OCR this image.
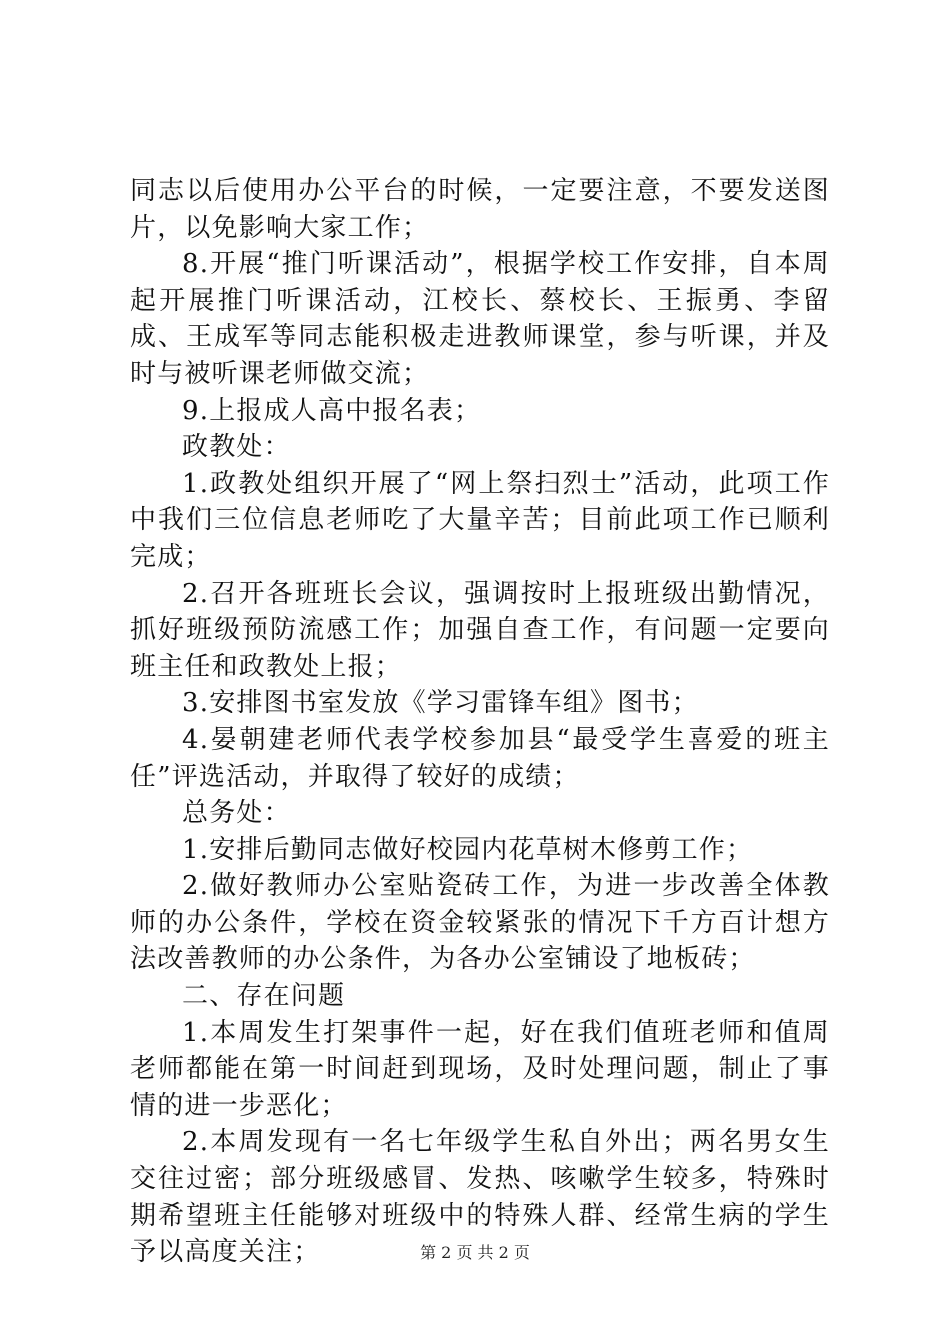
同志以后使用办公平台的时候，一定要注意，不要发送图片，以免影响大家工作；

8.开展“推门听课活动”，根据学校工作安排，自本周起开展推门听课活动，江校长、蔡校长、王振勇、李留成、王成军等同志能积极走进教师课堂，参与听课，并及时与被听课老师做交流；

9.上报成人高中报名表；

政教处：

1.政教处组织开展了“网上祭扫烈士”活动，此项工作中我们三位信息老师吃了大量辛苦；目前此项工作已顺利完成；

2.召开各班班长会议，强调按时上报班级出勤情况，抓好班级预防流感工作；加强自查工作，有问题一定要向班主任和政教处上报；

3.安排图书室发放《学习雷锋车组》图书；

4.晏朝建老师代表学校参加县“最受学生喜爱的班主任”评选活动，并取得了较好的成绩；

总务处：

1.安排后勤同志做好校园内花草树木修剪工作；

2.做好教师办公室贴瓷砖工作，为进一步改善全体教师的办公条件，学校在资金较紧张的情况下千方百计想方法改善教师的办公条件，为各办公室铺设了地板砖；

二、存在问题

1.本周发生打架事件一起，好在我们值班老师和值周老师都能在第一时间赶到现场，及时处理问题，制止了事情的进一步恶化；

2.本周发现有一名七年级学生私自外出；两名男女生交往过密；部分班级感冒、发热、咳嗽学生较多，特殊时期希望班主任能够对班级中的特殊人群、经常生病的学生予以高度关注；	第 2 页 共 2 页
